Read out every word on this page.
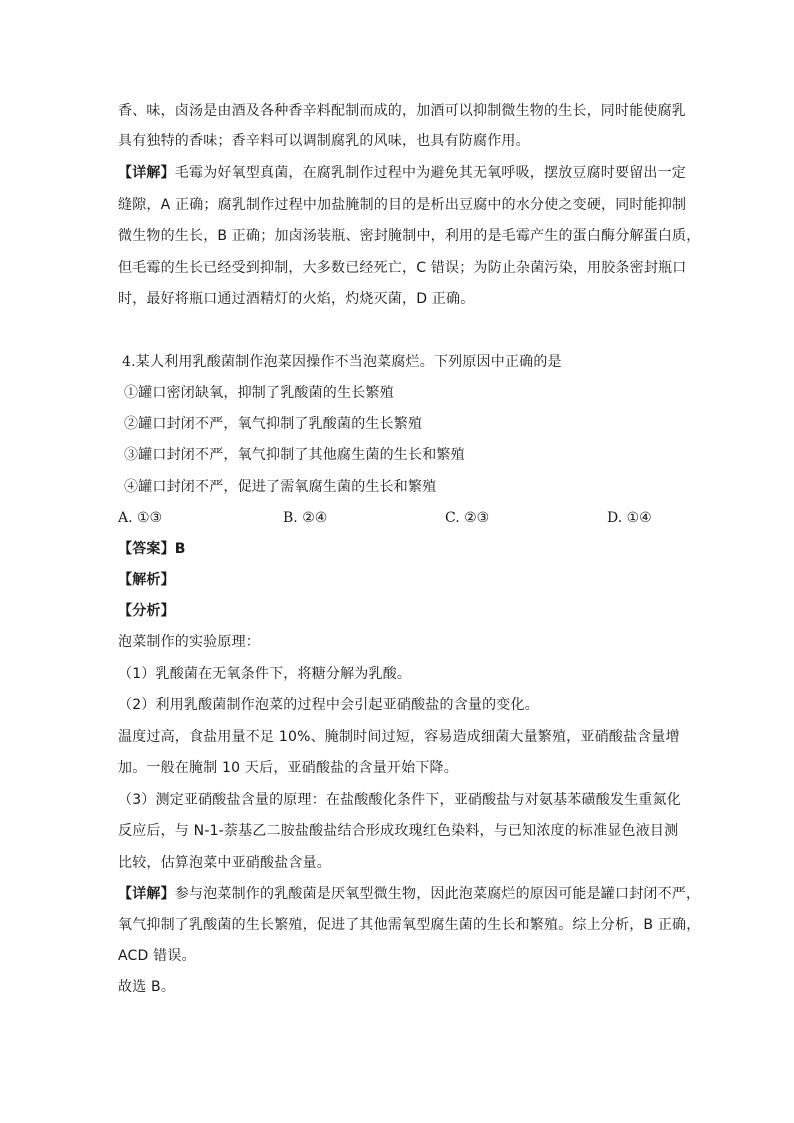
香、味，卤汤是由酒及各种香辛料配制而成的，加酒可以抑制微生物的生长，同时能使腐乳
具有独特的香味；香辛料可以调制腐乳的风味，也具有防腐作用。
【详解】毛霉为好氧型真菌，在腐乳制作过程中为避免其无氧呼吸，摆放豆腐时要留出一定
缝隙，A 正确；腐乳制作过程中加盐腌制的目的是析出豆腐中的水分使之变硬，同时能抑制
微生物的生长，B 正确；加卤汤装瓶、密封腌制中，利用的是毛霉产生的蛋白酶分解蛋白质，
但毛霉的生长已经受到抑制，大多数已经死亡，C 错误；为防止杂菌污染，用胶条密封瓶口
时，最好将瓶口通过酒精灯的火焰，灼烧灭菌，D 正确。
4.某人利用乳酸菌制作泡菜因操作不当泡菜腐烂。下列原因中正确的是
①罐口密闭缺氧，抑制了乳酸菌的生长繁殖
②罐口封闭不严，氧气抑制了乳酸菌的生长繁殖
③罐口封闭不严，氧气抑制了其他腐生菌的生长和繁殖
④罐口封闭不严，促进了需氧腐生菌的生长和繁殖
A. ①③	B. ②④	C. ②③	D. ①④
【答案】B
【解析】
【分析】
泡菜制作的实验原理：
（1）乳酸菌在无氧条件下，将糖分解为乳酸。
（2）利用乳酸菌制作泡菜的过程中会引起亚硝酸盐的含量的变化。
温度过高，食盐用量不足 10%、腌制时间过短，容易造成细菌大量繁殖，亚硝酸盐含量增
加。一般在腌制 10 天后，亚硝酸盐的含量开始下降。
（3）测定亚硝酸盐含量的原理：在盐酸酸化条件下，亚硝酸盐与对氨基苯磺酸发生重氮化
反应后，与 N-1-萘基乙二胺盐酸盐结合形成玫瑰红色染料，与已知浓度的标准显色液目测
比较，估算泡菜中亚硝酸盐含量。
【详解】参与泡菜制作的乳酸菌是厌氧型微生物，因此泡菜腐烂的原因可能是罐口封闭不严，
氧气抑制了乳酸菌的生长繁殖，促进了其他需氧型腐生菌的生长和繁殖。综上分析，B 正确，
ACD 错误。
故选 B。
